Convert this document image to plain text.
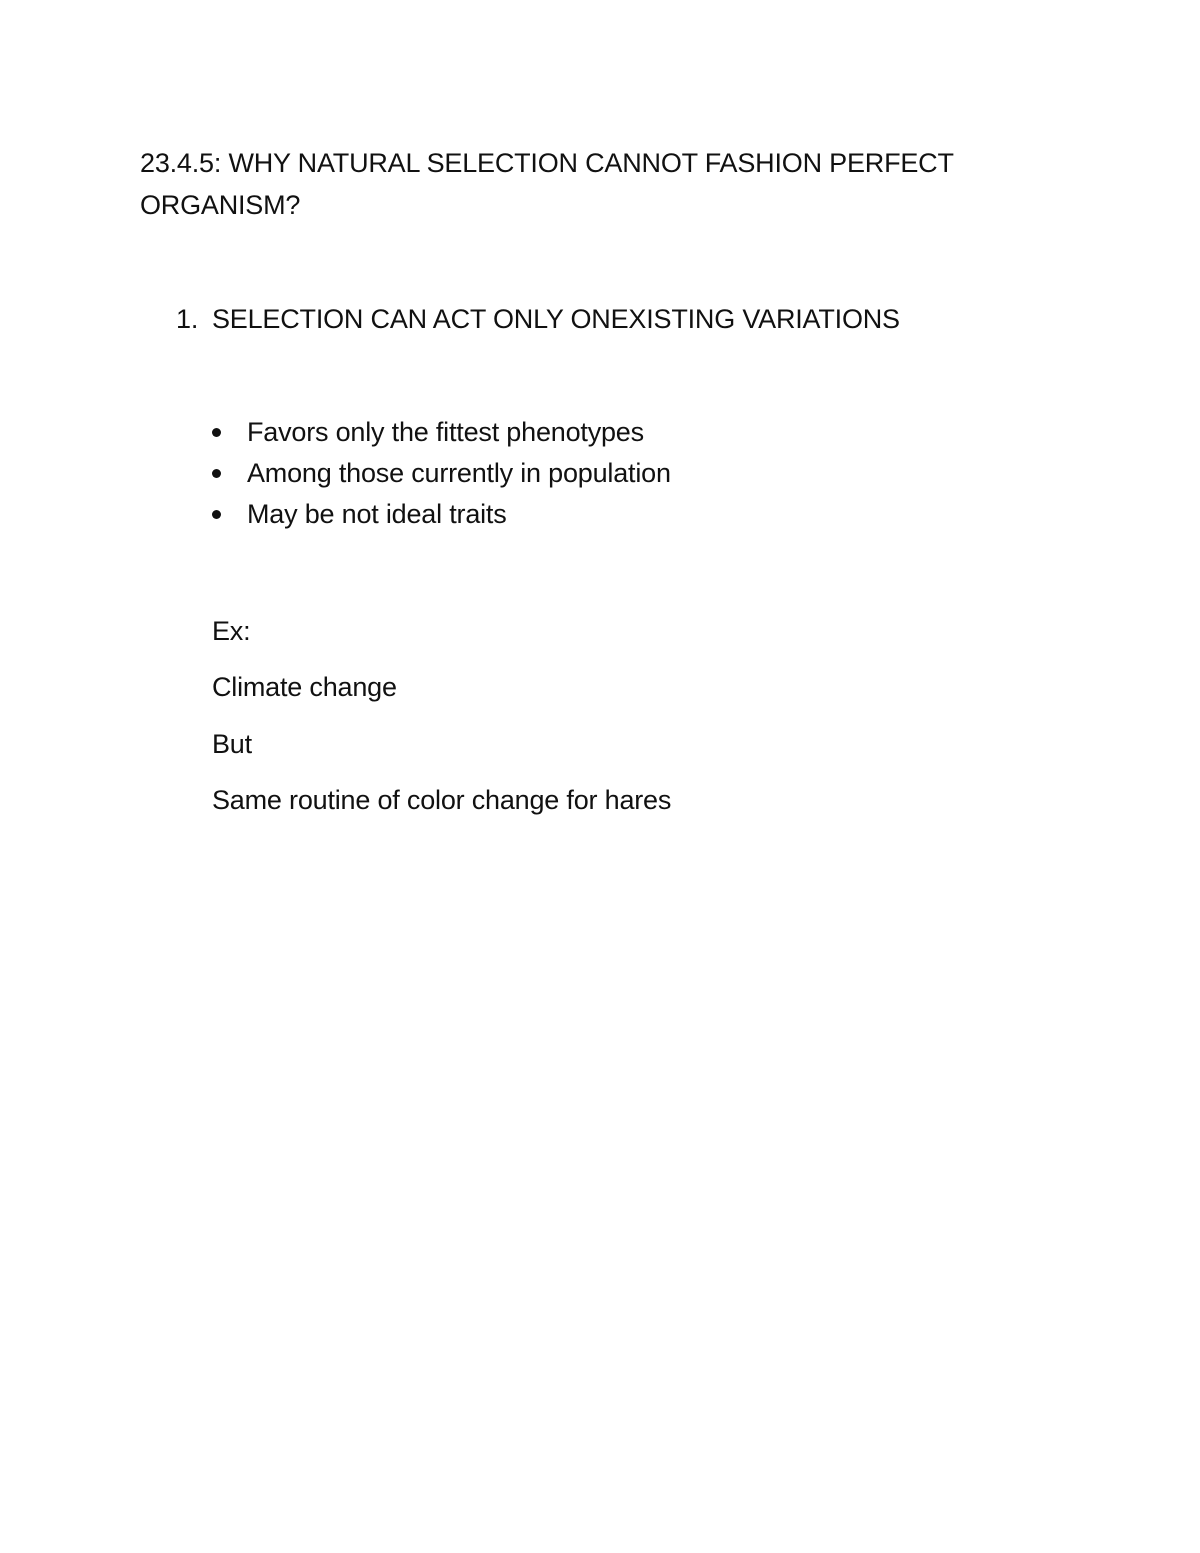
23.4.5: WHY NATURAL SELECTION CANNOT FASHION PERFECT ORGANISM?
1. SELECTION CAN ACT ONLY ONEXISTING VARIATIONS
Favors only the fittest phenotypes
Among those currently in population
May be not ideal traits

Ex:

Climate change

But

Same routine of color change for hares
